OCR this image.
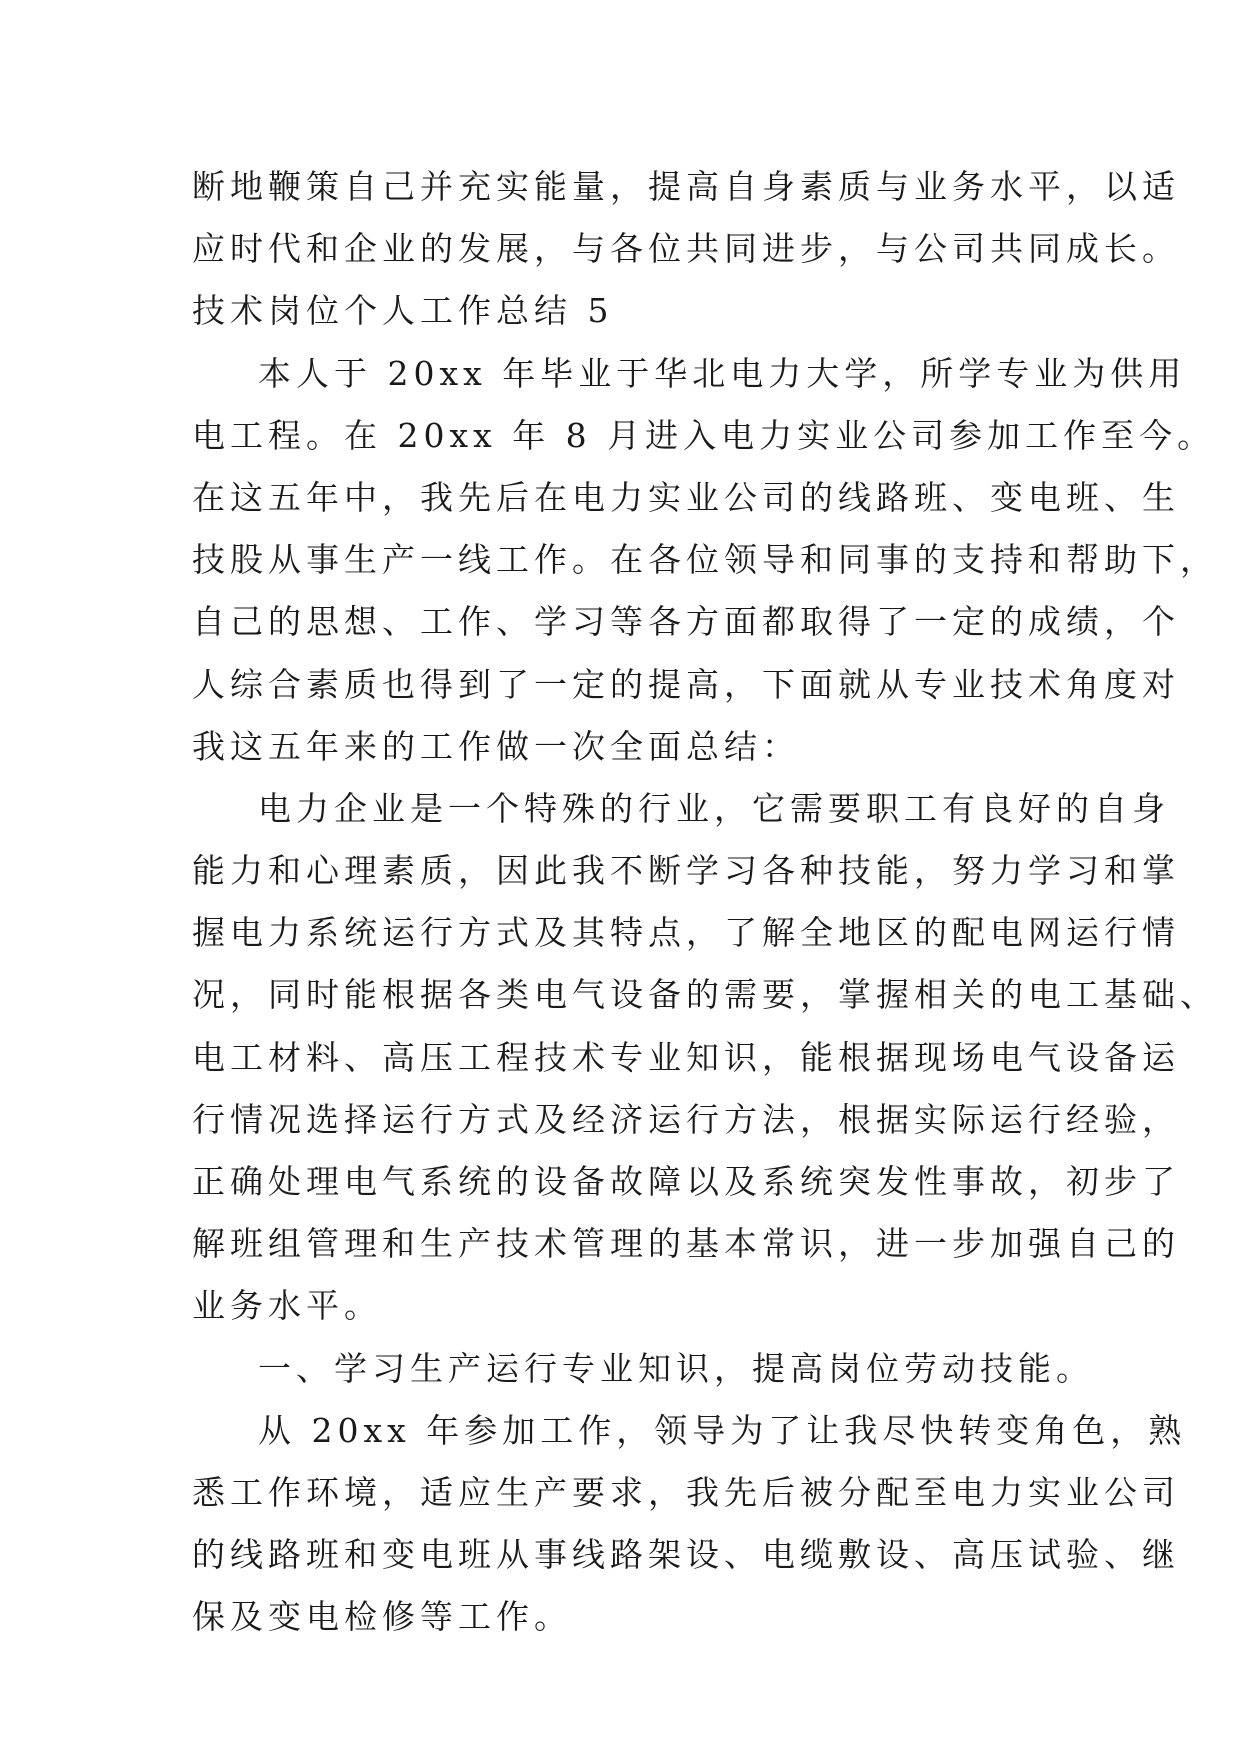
断地鞭策自己并充实能量，提高自身素质与业务水平，以适
应时代和企业的发展，与各位共同进步，与公司共同成长。
技术岗位个人工作总结 5
本人于 20xx 年毕业于华北电力大学，所学专业为供用
电工程。在 20xx 年 8 月进入电力实业公司参加工作至今。
在这五年中，我先后在电力实业公司的线路班、变电班、生
技股从事生产一线工作。在各位领导和同事的支持和帮助下，
自己的思想、工作、学习等各方面都取得了一定的成绩，个
人综合素质也得到了一定的提高，下面就从专业技术角度对
我这五年来的工作做一次全面总结：
电力企业是一个特殊的行业，它需要职工有良好的自身
能力和心理素质，因此我不断学习各种技能，努力学习和掌
握电力系统运行方式及其特点，了解全地区的配电网运行情
况，同时能根据各类电气设备的需要，掌握相关的电工基础、
电工材料、高压工程技术专业知识，能根据现场电气设备运
行情况选择运行方式及经济运行方法，根据实际运行经验，
正确处理电气系统的设备故障以及系统突发性事故，初步了
解班组管理和生产技术管理的基本常识，进一步加强自己的
业务水平。
一、学习生产运行专业知识，提高岗位劳动技能。
从 20xx 年参加工作，领导为了让我尽快转变角色，熟
悉工作环境，适应生产要求，我先后被分配至电力实业公司
的线路班和变电班从事线路架设、电缆敷设、高压试验、继
保及变电检修等工作。
